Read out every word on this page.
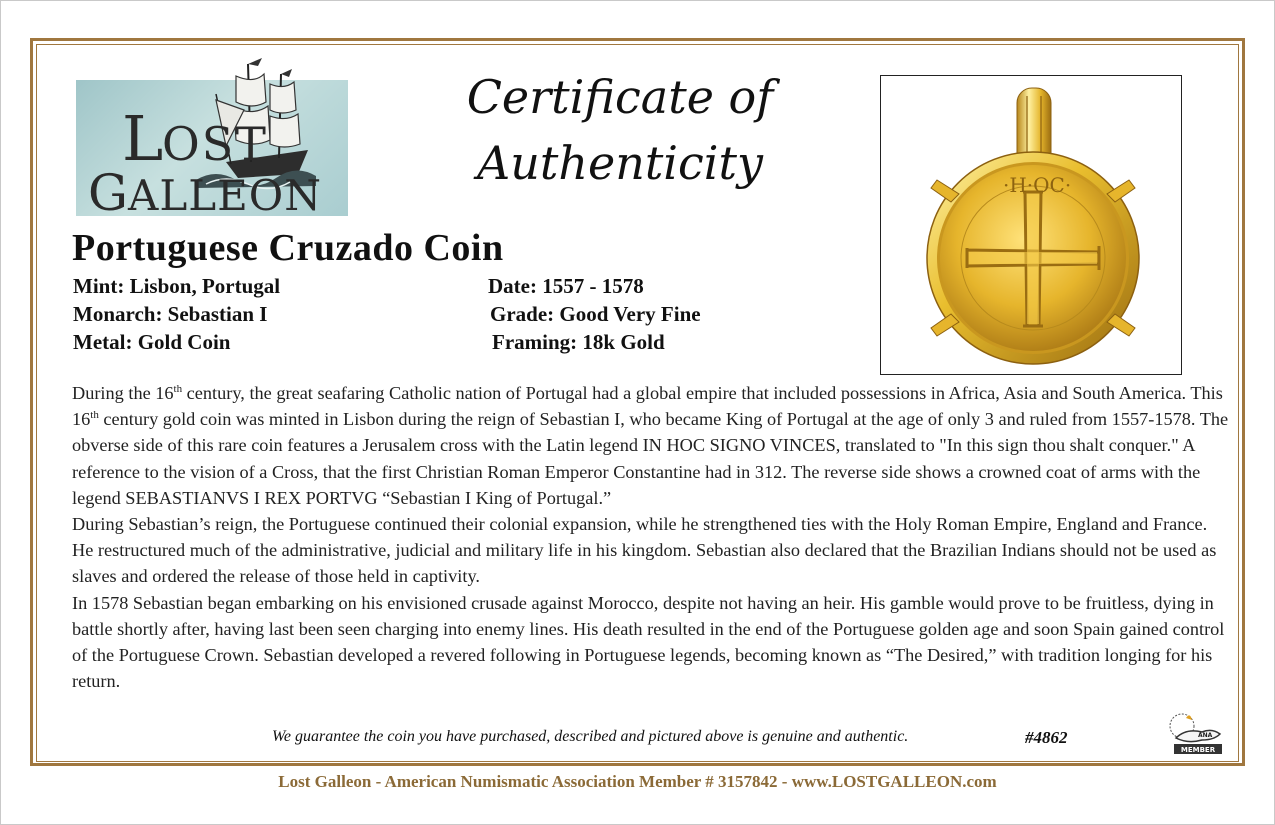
L
OST
G ALLEON
Certificate of
Authenticity	·H·OC·
Portuguese Cruzado Coin
Mint: Lisbon, Portugal	Date: 1557 - 1578
Monarch: Sebastian I	Grade: Good Very Fine
Metal: Gold Coin	Framing: 18k Gold

During the 16th century, the great seafaring Catholic nation of Portugal had a global empire that included possessions in Africa, Asia and South America. This 16th century gold coin was minted in Lisbon during the reign of Sebastian I, who became King of Portugal at the age of only 3 and ruled from 1557-1578. The obverse side of this rare coin features a Jerusalem cross with the Latin legend IN HOC SIGNO VINCES, translated to "In this sign thou shalt conquer." A reference to the vision of a Cross, that the first Christian Roman Emperor Constantine had in 312. The reverse side shows a crowned coat of arms with the legend SEBASTIANVS I REX PORTVG “Sebastian I King of Portugal.”

During Sebastian’s reign, the Portuguese continued their colonial expansion, while he strengthened ties with the Holy Roman Empire, England and France. He restructured much of the administrative, judicial and military life in his kingdom. Sebastian also declared that the Brazilian Indians should not be used as slaves and ordered the release of those held in captivity.

In 1578 Sebastian began embarking on his envisioned crusade against Morocco, despite not having an heir. His gamble would prove to be fruitless, dying in battle shortly after, having last been seen charging into enemy lines. His death resulted in the end of the Portuguese golden age and soon Spain gained control of the Portuguese Crown. Sebastian developed a revered following in Portuguese legends, becoming known as “The Desired,” with tradition longing for his return.

We guarantee the coin you have purchased, described and pictured above is genuine and authentic.	#4862	ANA
MEMBER
Lost Galleon - American Numismatic Association Member # 3157842 - www.LOSTGALLEON.com
